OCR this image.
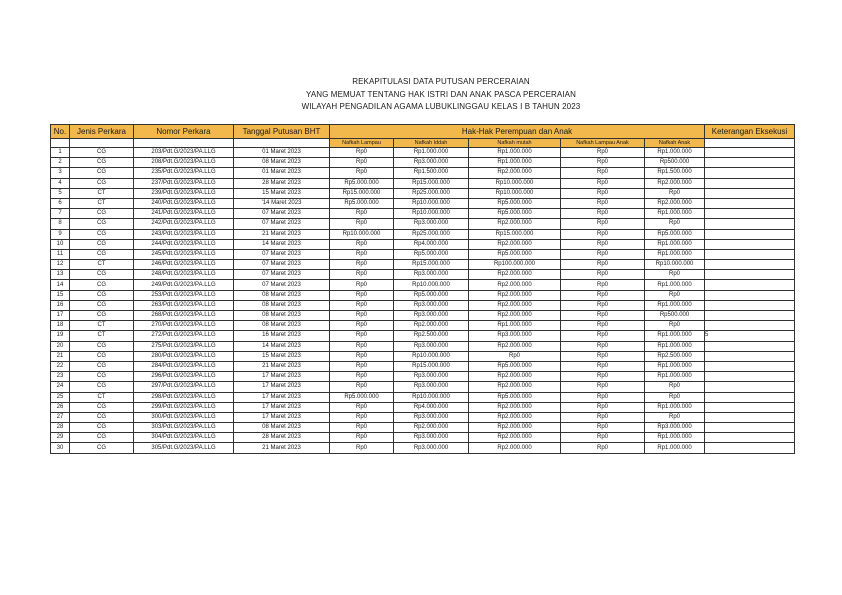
REKAPITULASI DATA PUTUSAN PERCERAIAN
YANG MEMUAT TENTANG HAK ISTRI DAN ANAK PASCA PERCERAIAN
WILAYAH PENGADILAN AGAMA LUBUKLINGGAU KELAS I B TAHUN 2023
No.	Jenis Perkara	Nomor Perkara	Tanggal Putusan BHT	Hak-Hak Perempuan dan Anak					Keterangan Eksekusi
				Nafkah Lampau	Nafkah Iddah	Nafkah mutah	Nafkah Lampau Anak	Nafkah Anak	
1	CG	203/Pdt.G/2023/PA.LLG	01 Maret 2023	Rp0	Rp1.000.000	Rp1.000.000	Rp0	Rp1.000.000	
2	CG	208/Pdt.G/2023/PA.LLG	08 Maret 2023	Rp0	Rp3.000.000	Rp1.000.000	Rp0	Rp500.000	
3	CG	235/Pdt.G/2023/PA.LLG	01 Maret 2023	Rp0	Rp1.500.000	Rp2.000.000	Rp0	Rp1.500.000	
4	CG	237/Pdt.G/2023/PA.LLG	28 Maret 2023	Rp5.000.000	Rp15.000.000	Rp10.000.000	Rp0	Rp2.000.000	
5	CT	239/Pdt.G/2023/PA.LLG	15 Maret 2023	Rp15.000.000	Rp25.000.000	Rp10.000.000	Rp0	Rp0	
6	CT	240/Pdt.G/2023/PA.LLG	'14 Maret 2023	Rp5.000.000	Rp10.000.000	Rp5.000.000	Rp0	Rp2.000.000	
7	CG	241/Pdt.G/2023/PA.LLG	07 Maret 2023	Rp0	Rp10.000.000	Rp5.000.000	Rp0	Rp1.000.000	
8	CG	242/Pdt.G/2023/PA.LLG	07 Maret 2023	Rp0	Rp3.000.000	Rp2.000.000	Rp0	Rp0	
9	CG	243/Pdt.G/2023/PA.LLG	21 Maret 2023	Rp10.000.000	Rp25.000.000	Rp15.000.000	Rp0	Rp5.000.000	
10	CG	244/Pdt.G/2023/PA.LLG	14 Maret 2023	Rp0	Rp4.000.000	Rp2.000.000	Rp0	Rp1.000.000	
11	CG	245/Pdt.G/2023/PA.LLG	07 Maret 2023	Rp0	Rp5.000.000	Rp5.000.000	Rp0	Rp1.000.000	
12	CT	246/Pdt.G/2023/PA.LLG	07 Maret 2023	Rp0	Rp15.000.000	Rp100.000.000	Rp0	Rp10.000.000	
13	CG	248/Pdt.G/2023/PA.LLG	07 Maret 2023	Rp0	Rp3.000.000	Rp2.000.000	Rp0	Rp0	
14	CG	249/Pdt.G/2023/PA.LLG	07 Maret 2023	Rp0	Rp10.000.000	Rp2.000.000	Rp0	Rp1.000.000	
15	CG	253/Pdt.G/2023/PA.LLG	08 Maret 2023	Rp0	Rp5.000.000	Rp2.000.000	Rp0	Rp0	
16	CG	263/Pdt.G/2023/PA.LLG	08 Maret 2023	Rp0	Rp3.000.000	Rp2.000.000	Rp0	Rp1.000.000	
17	CG	268/Pdt.G/2023/PA.LLG	08 Maret 2023	Rp0	Rp3.000.000	Rp2.000.000	Rp0	Rp500.000	
18	CT	270/Pdt.G/2023/PA.LLG	08 Maret 2023	Rp0	Rp2.000.000	Rp1.000.000	Rp0	Rp0	
19	CT	272/Pdt.G/2023/PA.LLG	16 Maret 2023	Rp0	Rp2.500.000	Rp3.000.000	Rp0	Rp1.000.000	5
20	CG	275/Pdt.G/2023/PA.LLG	14 Maret 2023	Rp0	Rp3.000.000	Rp2.000.000	Rp0	Rp1.000.000	
21	CG	280/Pdt.G/2023/PA.LLG	15 Maret 2023	Rp0	Rp10.000.000	Rp0	Rp0	Rp2.500.000	
22	CG	284/Pdt.G/2023/PA.LLG	21 Maret 2023	Rp0	Rp15.000.000	Rp5.000.000	Rp0	Rp1.000.000	
23	CG	296/Pdt.G/2023/PA.LLG	17 Maret 2023	Rp0	Rp3.000.000	Rp2.000.000	Rp0	Rp1.000.000	
24	CG	297/Pdt.G/2023/PA.LLG	17 Maret 2023	Rp0	Rp3.000.000	Rp2.000.000	Rp0	Rp0	
25	CT	298/Pdt.G/2023/PA.LLG	17 Maret 2023	Rp5.000.000	Rp10.000.000	Rp5.000.000	Rp0	Rp0	
26	CG	299/Pdt.G/2023/PA.LLG	17 Maret 2023	Rp0	Rp4.000.000	Rp2.000.000	Rp0	Rp1.000.000	
27	CG	300/Pdt.G/2023/PA.LLG	17 Maret 2023	Rp0	Rp3.000.000	Rp2.000.000	Rp0	Rp0	
28	CG	303/Pdt.G/2023/PA.LLG	08 Maret 2023	Rp0	Rp2.000.000	Rp2.000.000	Rp0	Rp3.000.000	
29	CG	304/Pdt.G/2023/PA.LLG	28 Maret 2023	Rp0	Rp3.000.000	Rp2.000.000	Rp0	Rp1.000.000	
30	CG	305/Pdt.G/2023/PA.LLG	21 Maret 2023	Rp0	Rp3.000.000	Rp2.000.000	Rp0	Rp1.000.000	
